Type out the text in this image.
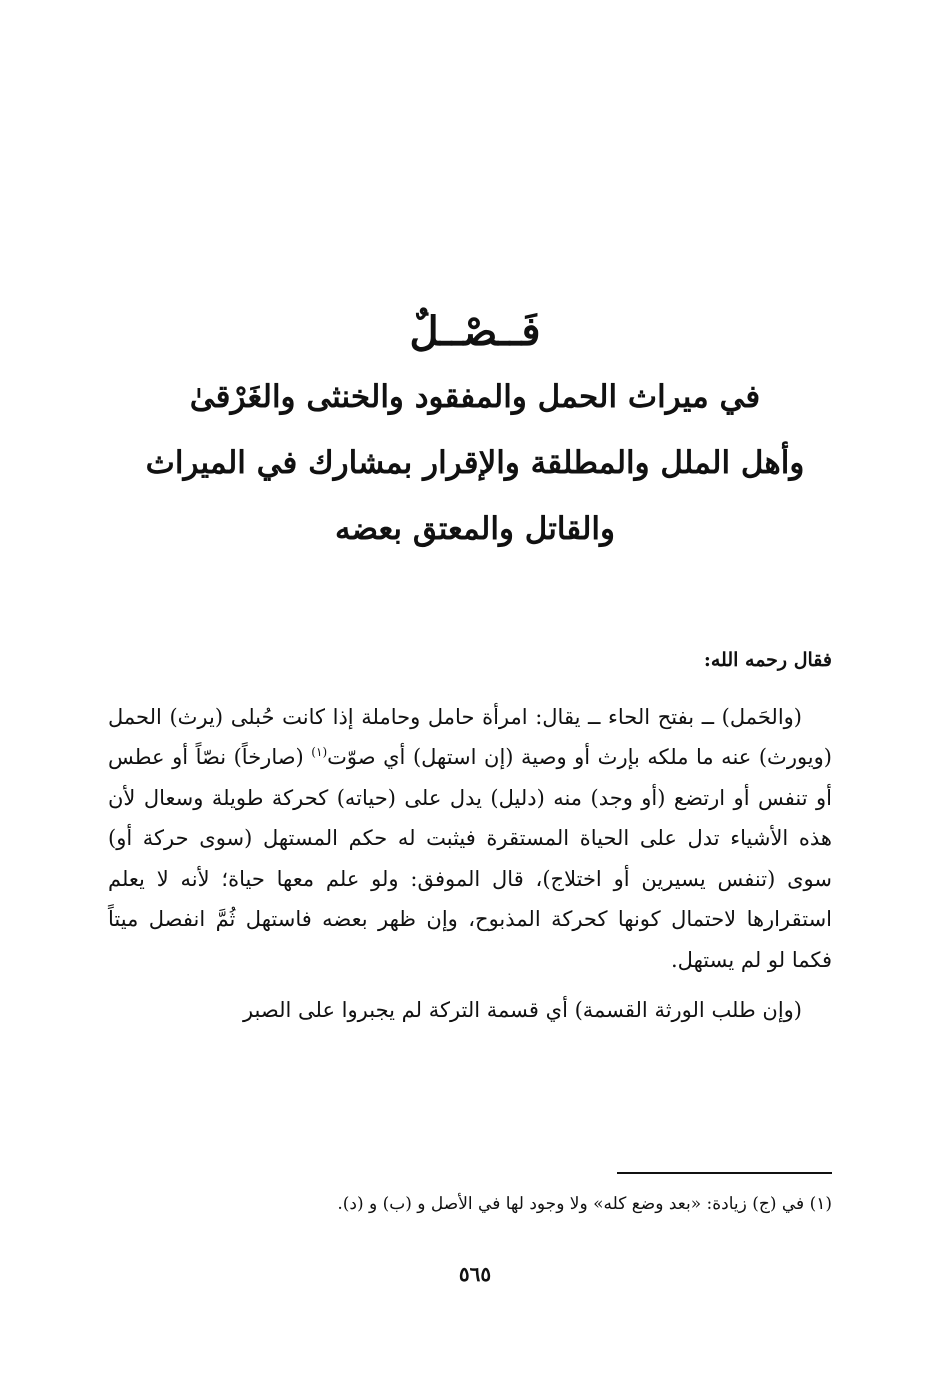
فَــصْــلٌ
في ميراث الحمل والمفقود والخنثى والغَرْقىٰ
وأهل الملل والمطلقة والإقرار بمشارك في الميراث
والقاتل والمعتق بعضه
فقال رحمه الله:

(والحَمل) ــ بفتح الحاء ــ يقال: امرأة حامل وحاملة إذا كانت حُبلى (يرث) الحمل (ويورث) عنه ما ملكه بإرث أو وصية (إن استهل) أي صوّت$^{(١)}$ (صارخاً) نصّاً أو عطس أو تنفس أو ارتضع (أو وجد) منه (دليل) يدل على (حياته) كحركة طويلة وسعال لأن هذه الأشياء تدل على الحياة المستقرة فيثبت له حكم المستهل (سوى حركة أو) سوى (تنفس يسيرين أو اختلاج)، قال الموفق: ولو علم معها حياة؛ لأنه لا يعلم استقرارها لاحتمال كونها كحركة المذبوح، وإن ظهر بعضه فاستهل ثُمَّ انفصل ميتاً فكما لو لم يستهل.

(وإن طلب الورثة القسمة) أي قسمة التركة لم يجبروا على الصبر

(١) في (ج) زيادة: «بعد وضع كله» ولا وجود لها في الأصل و (ب) و (د).
٥٦٥
